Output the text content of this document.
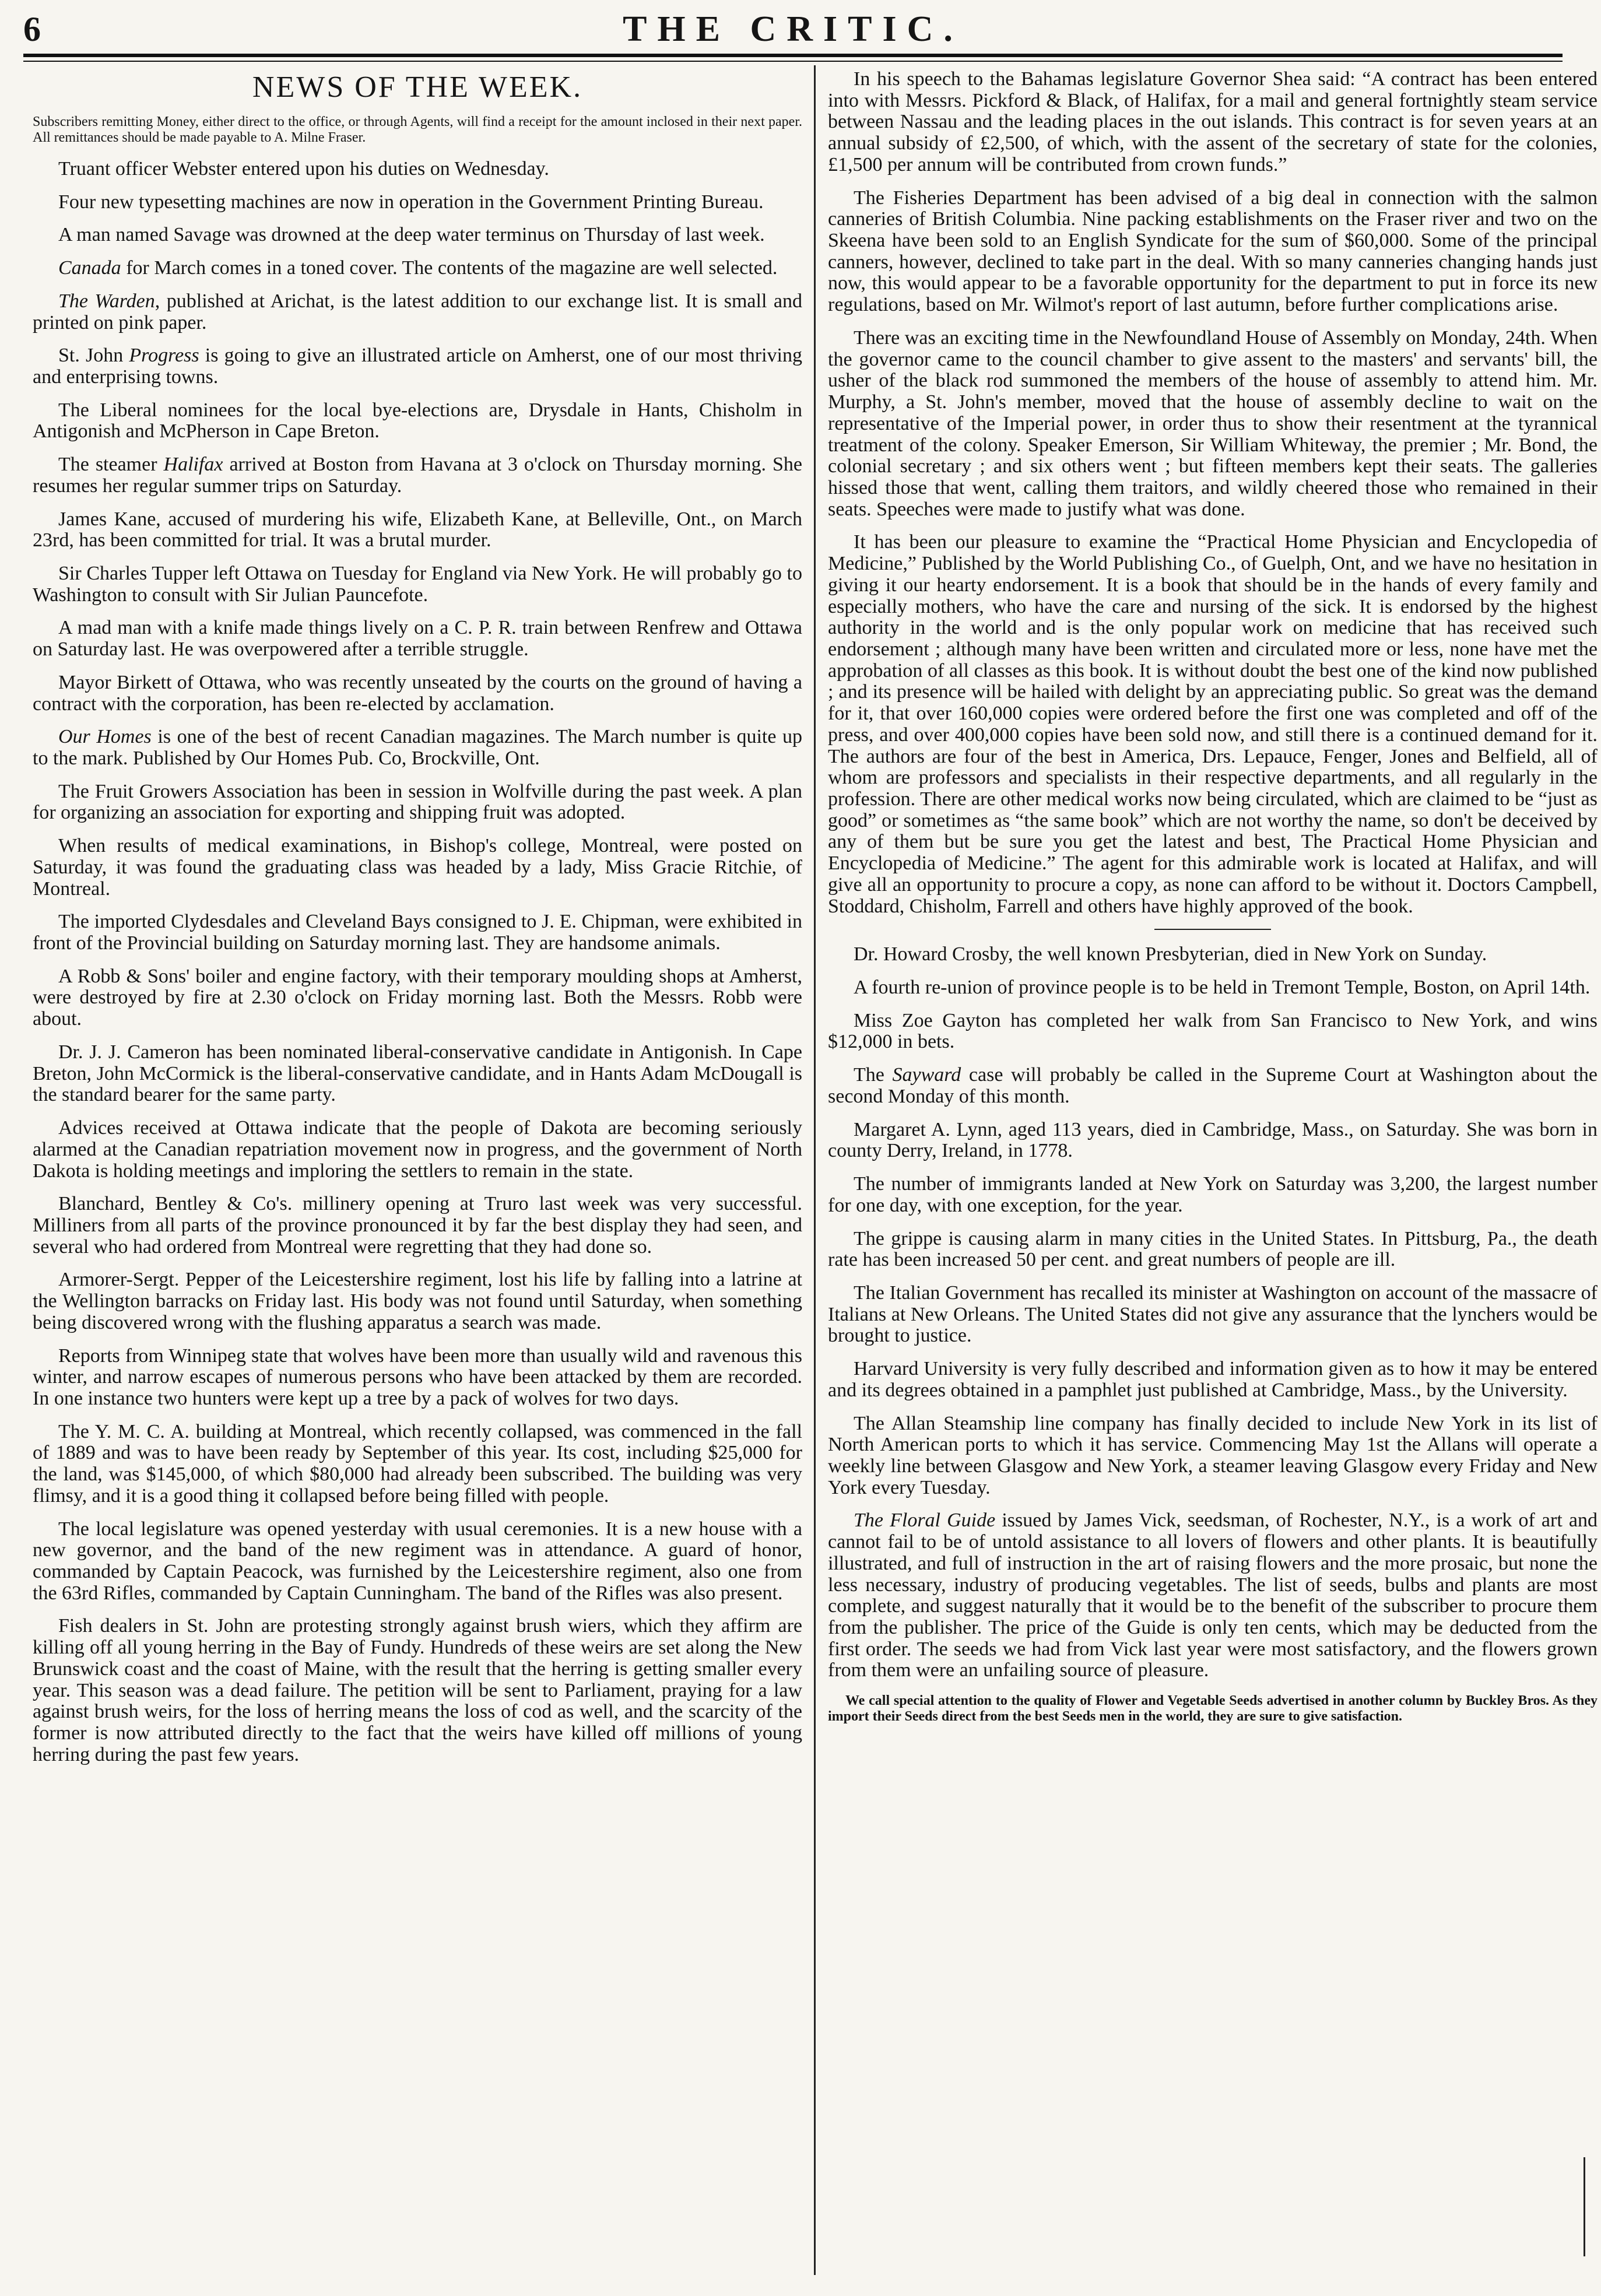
6	THE CRITIC.
NEWS OF THE WEEK.

Subscribers remitting Money, either direct to the office, or through Agents, will find a receipt for the amount inclosed in their next paper. All remittances should be made payable to A. Milne Fraser.

Truant officer Webster entered upon his duties on Wednesday.

Four new typesetting machines are now in operation in the Government Printing Bureau.

A man named Savage was drowned at the deep water terminus on Thursday of last week.

Canada for March comes in a toned cover. The contents of the magazine are well selected.

The Warden, published at Arichat, is the latest addition to our exchange list. It is small and printed on pink paper.

St. John Progress is going to give an illustrated article on Amherst, one of our most thriving and enterprising towns.

The Liberal nominees for the local bye-elections are, Drysdale in Hants, Chisholm in Antigonish and McPherson in Cape Breton.

The steamer Halifax arrived at Boston from Havana at 3 o'clock on Thursday morning. She resumes her regular summer trips on Saturday.

James Kane, accused of murdering his wife, Elizabeth Kane, at Belleville, Ont., on March 23rd, has been committed for trial. It was a brutal murder.

Sir Charles Tupper left Ottawa on Tuesday for England via New York. He will probably go to Washington to consult with Sir Julian Pauncefote.

A mad man with a knife made things lively on a C. P. R. train between Renfrew and Ottawa on Saturday last. He was overpowered after a terrible struggle.

Mayor Birkett of Ottawa, who was recently unseated by the courts on the ground of having a contract with the corporation, has been re-elected by acclamation.

Our Homes is one of the best of recent Canadian magazines. The March number is quite up to the mark. Published by Our Homes Pub. Co, Brockville, Ont.

The Fruit Growers Association has been in session in Wolfville during the past week. A plan for organizing an association for exporting and shipping fruit was adopted.

When results of medical examinations, in Bishop's college, Montreal, were posted on Saturday, it was found the graduating class was headed by a lady, Miss Gracie Ritchie, of Montreal.

The imported Clydesdales and Cleveland Bays consigned to J. E. Chipman, were exhibited in front of the Provincial building on Saturday morning last. They are handsome animals.

A Robb & Sons' boiler and engine factory, with their temporary moulding shops at Amherst, were destroyed by fire at 2.30 o'clock on Friday morning last. Both the Messrs. Robb were about.

Dr. J. J. Cameron has been nominated liberal-conservative candidate in Antigonish. In Cape Breton, John McCormick is the liberal-conservative candidate, and in Hants Adam McDougall is the standard bearer for the same party.

Advices received at Ottawa indicate that the people of Dakota are becoming seriously alarmed at the Canadian repatriation movement now in progress, and the government of North Dakota is holding meetings and imploring the settlers to remain in the state.

Blanchard, Bentley & Co's. millinery opening at Truro last week was very successful. Milliners from all parts of the province pronounced it by far the best display they had seen, and several who had ordered from Montreal were regretting that they had done so.

Armorer-Sergt. Pepper of the Leicestershire regiment, lost his life by falling into a latrine at the Wellington barracks on Friday last. His body was not found until Saturday, when something being discovered wrong with the flushing apparatus a search was made.

Reports from Winnipeg state that wolves have been more than usually wild and ravenous this winter, and narrow escapes of numerous persons who have been attacked by them are recorded. In one instance two hunters were kept up a tree by a pack of wolves for two days.

The Y. M. C. A. building at Montreal, which recently collapsed, was commenced in the fall of 1889 and was to have been ready by September of this year. Its cost, including $25,000 for the land, was $145,000, of which $80,000 had already been subscribed. The building was very flimsy, and it is a good thing it collapsed before being filled with people.

The local legislature was opened yesterday with usual ceremonies. It is a new house with a new governor, and the band of the new regiment was in attendance. A guard of honor, commanded by Captain Peacock, was furnished by the Leicestershire regiment, also one from the 63rd Rifles, commanded by Captain Cunningham. The band of the Rifles was also present.

Fish dealers in St. John are protesting strongly against brush wiers, which they affirm are killing off all young herring in the Bay of Fundy. Hundreds of these weirs are set along the New Brunswick coast and the coast of Maine, with the result that the herring is getting smaller every year. This season was a dead failure. The petition will be sent to Parliament, praying for a law against brush weirs, for the loss of herring means the loss of cod as well, and the scarcity of the former is now attributed directly to the fact that the weirs have killed off millions of young herring during the past few years.

In his speech to the Bahamas legislature Governor Shea said: “A contract has been entered into with Messrs. Pickford & Black, of Halifax, for a mail and general fortnightly steam service between Nassau and the leading places in the out islands. This contract is for seven years at an annual subsidy of £2,500, of which, with the assent of the secretary of state for the colonies, £1,500 per annum will be contributed from crown funds.”

The Fisheries Department has been advised of a big deal in connection with the salmon canneries of British Columbia. Nine packing establishments on the Fraser river and two on the Skeena have been sold to an English Syndicate for the sum of $60,000. Some of the principal canners, however, declined to take part in the deal. With so many canneries changing hands just now, this would appear to be a favorable opportunity for the department to put in force its new regulations, based on Mr. Wilmot's report of last autumn, before further complications arise.

There was an exciting time in the Newfoundland House of Assembly on Monday, 24th. When the governor came to the council chamber to give assent to the masters' and servants' bill, the usher of the black rod summoned the members of the house of assembly to attend him. Mr. Murphy, a St. John's member, moved that the house of assembly decline to wait on the representative of the Imperial power, in order thus to show their resentment at the tyrannical treatment of the colony. Speaker Emerson, Sir William Whiteway, the premier ; Mr. Bond, the colonial secretary ; and six others went ; but fifteen members kept their seats. The galleries hissed those that went, calling them traitors, and wildly cheered those who remained in their seats. Speeches were made to justify what was done.

It has been our pleasure to examine the “Practical Home Physician and Encyclopedia of Medicine,” Published by the World Publishing Co., of Guelph, Ont, and we have no hesitation in giving it our hearty endorsement. It is a book that should be in the hands of every family and especially mothers, who have the care and nursing of the sick. It is endorsed by the highest authority in the world and is the only popular work on medicine that has received such endorsement ; although many have been written and circulated more or less, none have met the approbation of all classes as this book. It is without doubt the best one of the kind now published ; and its presence will be hailed with delight by an appreciating public. So great was the demand for it, that over 160,000 copies were ordered before the first one was completed and off of the press, and over 400,000 copies have been sold now, and still there is a continued demand for it. The authors are four of the best in America, Drs. Lepauce, Fenger, Jones and Belfield, all of whom are professors and specialists in their respective departments, and all regularly in the profession. There are other medical works now being circulated, which are claimed to be “just as good” or sometimes as “the same book” which are not worthy the name, so don't be deceived by any of them but be sure you get the latest and best, The Practical Home Physician and Encyclopedia of Medicine.” The agent for this admirable work is located at Halifax, and will give all an opportunity to procure a copy, as none can afford to be without it. Doctors Campbell, Stoddard, Chisholm, Farrell and others have highly approved of the book.

Dr. Howard Crosby, the well known Presbyterian, died in New York on Sunday.

A fourth re-union of province people is to be held in Tremont Temple, Boston, on April 14th.

Miss Zoe Gayton has completed her walk from San Francisco to New York, and wins $12,000 in bets.

The Sayward case will probably be called in the Supreme Court at Washington about the second Monday of this month.

Margaret A. Lynn, aged 113 years, died in Cambridge, Mass., on Saturday. She was born in county Derry, Ireland, in 1778.

The number of immigrants landed at New York on Saturday was 3,200, the largest number for one day, with one exception, for the year.

The grippe is causing alarm in many cities in the United States. In Pittsburg, Pa., the death rate has been increased 50 per cent. and great numbers of people are ill.

The Italian Government has recalled its minister at Washington on account of the massacre of Italians at New Orleans. The United States did not give any assurance that the lynchers would be brought to justice.

Harvard University is very fully described and information given as to how it may be entered and its degrees obtained in a pamphlet just published at Cambridge, Mass., by the University.

The Allan Steamship line company has finally decided to include New York in its list of North American ports to which it has service. Commencing May 1st the Allans will operate a weekly line between Glasgow and New York, a steamer leaving Glasgow every Friday and New York every Tuesday.

The Floral Guide issued by James Vick, seedsman, of Rochester, N.Y., is a work of art and cannot fail to be of untold assistance to all lovers of flowers and other plants. It is beautifully illustrated, and full of instruction in the art of raising flowers and the more prosaic, but none the less necessary, industry of producing vegetables. The list of seeds, bulbs and plants are most complete, and suggest naturally that it would be to the benefit of the subscriber to procure them from the publisher. The price of the Guide is only ten cents, which may be deducted from the first order. The seeds we had from Vick last year were most satisfactory, and the flowers grown from them were an unfailing source of pleasure.

We call special attention to the quality of Flower and Vegetable Seeds advertised in another column by Buckley Bros. As they import their Seeds direct from the best Seeds men in the world, they are sure to give satisfaction.
